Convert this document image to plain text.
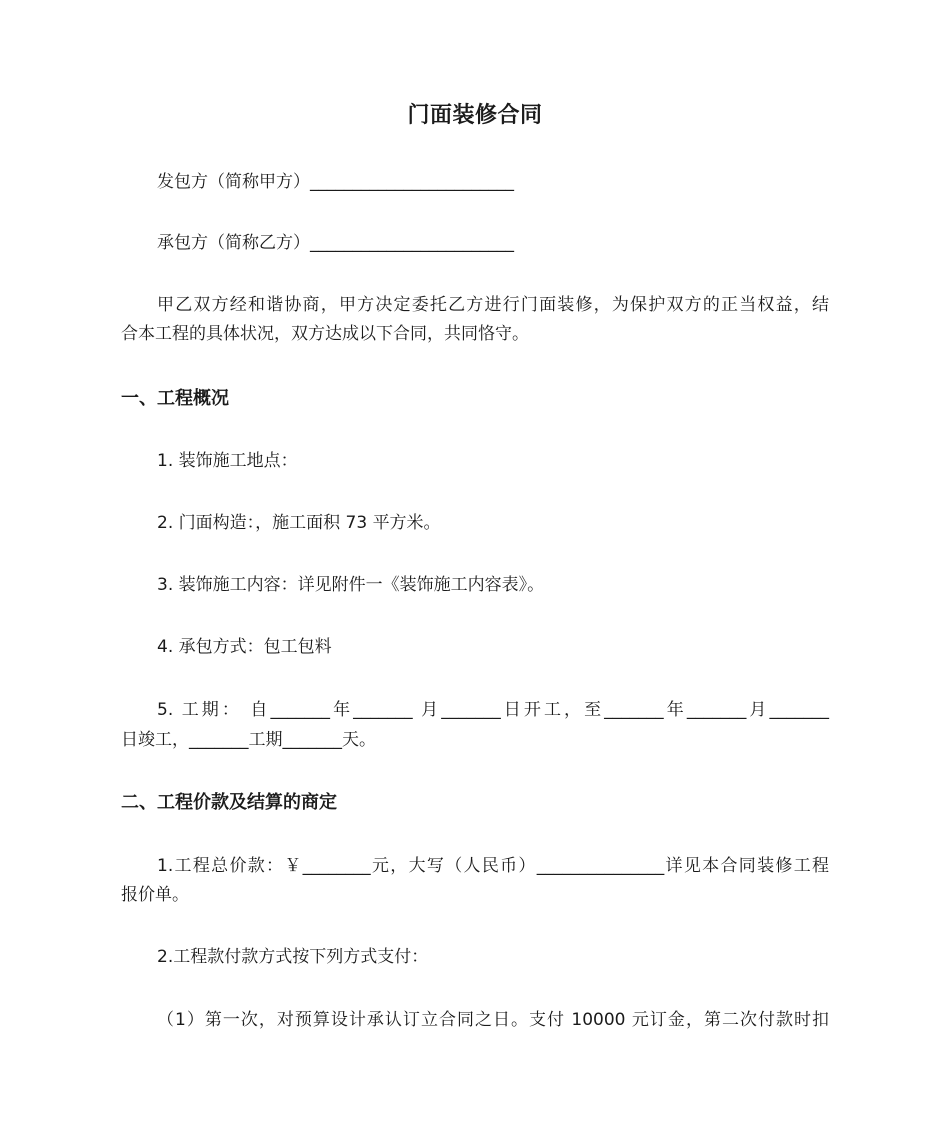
门面装修合同
发包方（简称甲方）________________________
承包方（简称乙方）________________________
甲乙双方经和谐协商，甲方决定委托乙方进行门面装修，为保护双方的正当权益，结
合本工程的具体状况，双方达成以下合同，共同恪守。
一、工程概况
1. 装饰施工地点：
2. 门面构造：，施工面积 73 平方米。
3. 装饰施工内容：详见附件一《装饰施工内容表》。
4. 承包方式：包工包料
5. 工期： 自_______年_______ 月_______日开工，至_______年_______月_______
日竣工，_______工期_______天。
二、工程价款及结算的商定
1.工程总价款：￥________元，大写（人民币）_______________详见本合同装修工程
报价单。
2.工程款付款方式按下列方式支付：
（1）第一次，对预算设计承认订立合同之日。支付 10000 元订金，第二次付款时扣
